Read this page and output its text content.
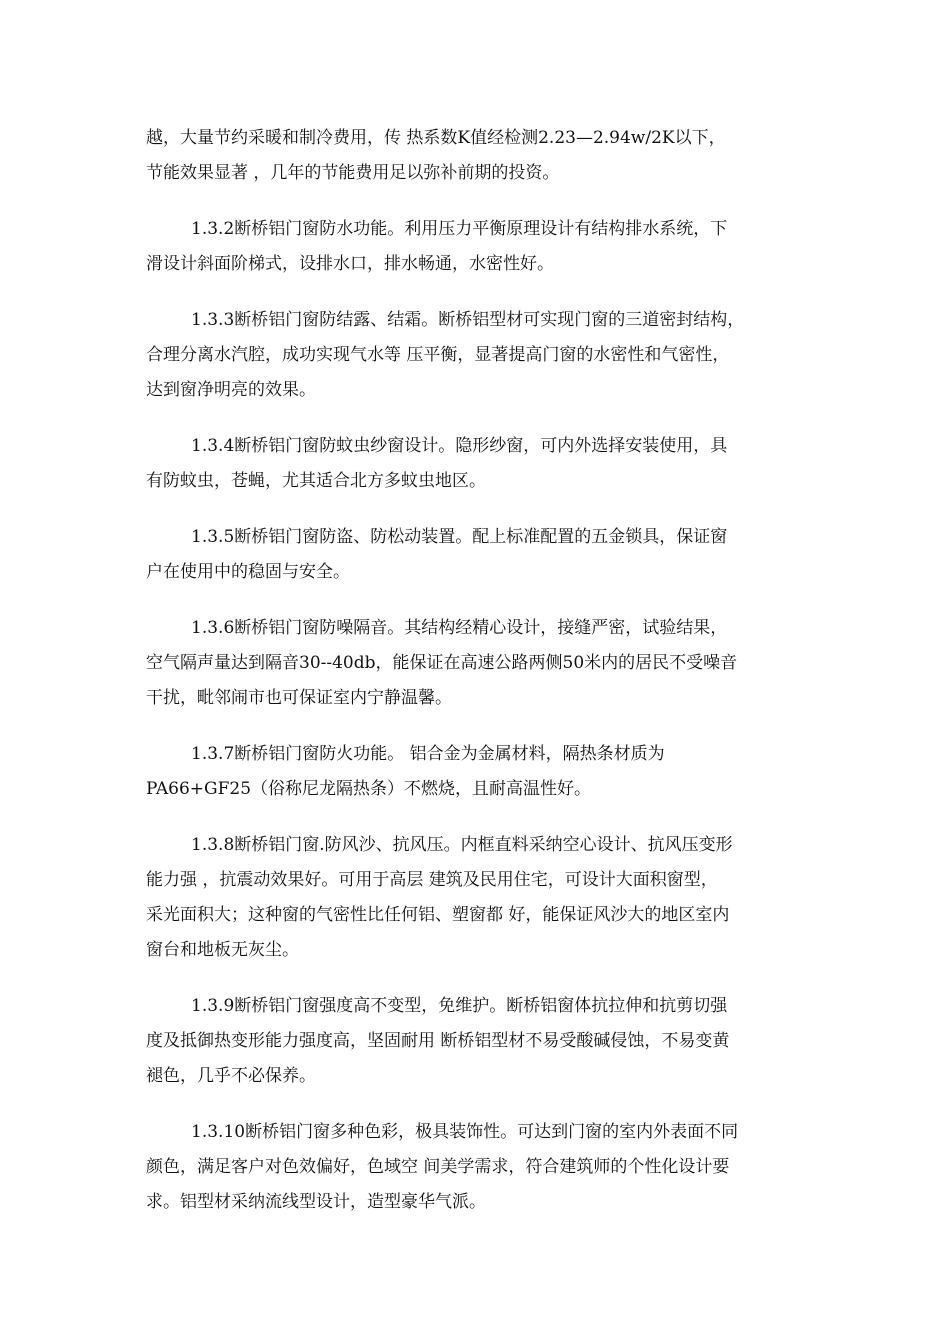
越，大量节约采暖和制冷费用，传 热系数K值经检测2.23—2.94w/2K以下，
节能效果显著 ，几年的节能费用足以弥补前期的投资。

1.3.2断桥铝门窗防水功能。利用压力平衡原理设计有结构排水系统，下
滑设计斜面阶梯式，设排水口，排水畅通，水密性好。

1.3.3断桥铝门窗防结露、结霜。断桥铝型材可实现门窗的三道密封结构，
合理分离水汽腔，成功实现气水等 压平衡，显著提高门窗的水密性和气密性，
达到窗净明亮的效果。

1.3.4断桥铝门窗防蚊虫纱窗设计。隐形纱窗，可内外选择安装使用，具
有防蚊虫，苍蝇，尤其适合北方多蚊虫地区。

1.3.5断桥铝门窗防盗、防松动装置。配上标准配置的五金锁具，保证窗
户在使用中的稳固与安全。

1.3.6断桥铝门窗防噪隔音。其结构经精心设计，接缝严密，试验结果，
空气隔声量达到隔音30--40db，能保证在高速公路两侧50米内的居民不受噪音
干扰，毗邻闹市也可保证室内宁静温馨。

1.3.7断桥铝门窗防火功能。 铝合金为金属材料，隔热条材质为
PA66+GF25（俗称尼龙隔热条）不燃烧，且耐高温性好。

1.3.8断桥铝门窗.防风沙、抗风压。内框直料采纳空心设计、抗风压变形
能力强 ，抗震动效果好。可用于高层 建筑及民用住宅，可设计大面积窗型，
采光面积大；这种窗的气密性比任何铝、塑窗都 好，能保证风沙大的地区室内
窗台和地板无灰尘。

1.3.9断桥铝门窗强度高不变型，免维护。断桥铝窗体抗拉伸和抗剪切强
度及抵御热变形能力强度高，坚固耐用 断桥铝型材不易受酸碱侵蚀，不易变黄
褪色，几乎不必保养。

1.3.10断桥铝门窗多种色彩，极具装饰性。可达到门窗的室内外表面不同
颜色，满足客户对色效偏好，色域空 间美学需求，符合建筑师的个性化设计要
求。铝型材采纳流线型设计，造型豪华气派。
